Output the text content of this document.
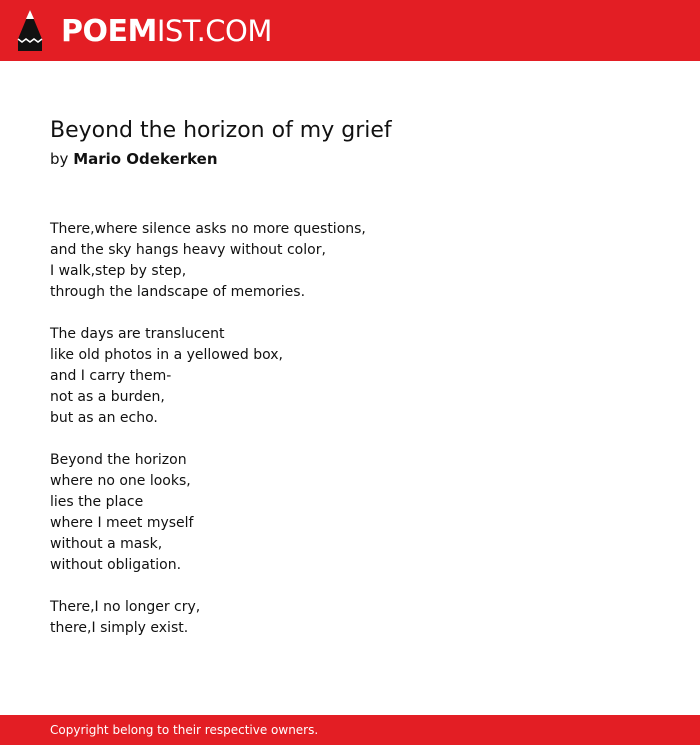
POEMIST.COM
Beyond the horizon of my grief
by Mario Odekerken
There,where silence asks no more questions,
and the sky hangs heavy without color,
I walk,step by step,
through the landscape of memories.
The days are translucent
like old photos in a yellowed box,
and I carry them-
not as a burden,
but as an echo.
Beyond the horizon
where no one looks,
lies the place
where I meet myself
without a mask,
without obligation.
There,I no longer cry,
there,I simply exist.
Copyright belong to their respective owners.
